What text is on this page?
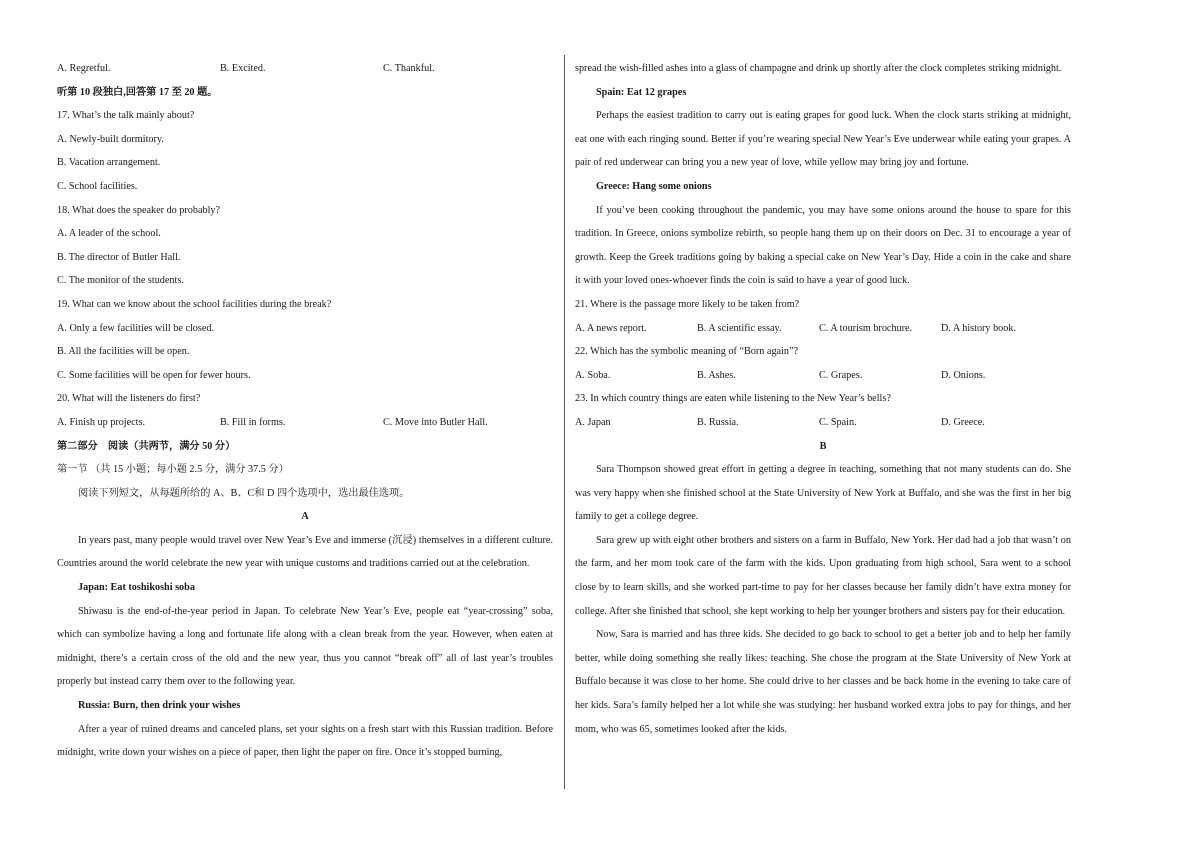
A. Regretful.	B. Excited.	C. Thankful.
听第 10 段独白,回答第 17 至 20 题。
17. What’s the talk mainly about?
A. Newly-built dormitory.
B. Vacation arrangement.
C. School facilities.
18. What does the speaker do probably?
A. A leader of the school.
B. The director of Butler Hall.
C. The monitor of the students.
19. What can we know about the school facilities during the break?
A. Only a few facilities will be closed.
B. All the facilities will be open.
C. Some facilities will be open for fewer hours.
20. What will the listeners do first?
A. Finish up projects.	B. Fill in forms.	C. Move into Butler Hall.
第二部分　阅读（共两节，满分 50 分）
第一节 （共 15 小题；每小题 2.5 分，满分 37.5 分）
阅读下列短文，从每题所给的 A、B、C和 D 四个选项中，选出最佳选项。
A

In years past, many people would travel over New Year’s Eve and immerse (沉浸) themselves in a different culture. Countries around the world celebrate the new year with unique customs and traditions carried out at the celebration.

Japan: Eat toshikoshi soba

Shiwasu is the end-of-the-year period in Japan. To celebrate New Year’s Eve, people eat “year-crossing” soba, which can symbolize having a long and fortunate life along with a clean break from the year. However, when eaten at midnight, there’s a certain cross of the old and the new year, thus you cannot “break off” all of last year’s troubles properly but instead carry them over to the following year.

Russia: Burn, then drink your wishes

After a year of ruined dreams and canceled plans, set your sights on a fresh start with this Russian tradition. Before midnight, write down your wishes on a piece of paper, then light the paper on fire. Once it’s stopped burning,

spread the wish-filled ashes into a glass of champagne and drink up shortly after the clock completes striking midnight.

Spain: Eat 12 grapes

Perhaps the easiest tradition to carry out is eating grapes for good luck. When the clock starts striking at midnight, eat one with each ringing sound. Better if you’re wearing special New Year’s Eve underwear while eating your grapes. A pair of red underwear can bring you a new year of love, while yellow may bring joy and fortune.

Greece: Hang some onions

If you’ve been cooking throughout the pandemic, you may have some onions around the house to spare for this tradition. In Greece, onions symbolize rebirth, so people hang them up on their doors on Dec. 31 to encourage a year of growth. Keep the Greek traditions going by baking a special cake on New Year’s Day. Hide a coin in the cake and share it with your loved ones-whoever finds the coin is said to have a year of good luck.

21. Where is the passage more likely to be taken from?
A. A news report.	B. A scientific essay.	C. A tourism brochure.	D. A history book.
22. Which has the symbolic meaning of “Born again”?
A. Soba.	B. Ashes.	C. Grapes.	D. Onions.
23. In which country things are eaten while listening to the New Year’s bells?
A. Japan	B. Russia.	C. Spain.	D. Greece.
B

Sara Thompson showed great effort in getting a degree in teaching, something that not many students can do. She was very happy when she finished school at the State University of New York at Buffalo, and she was the first in her big family to get a college degree.

Sara grew up with eight other brothers and sisters on a farm in Buffalo, New York. Her dad had a job that wasn’t on the farm, and her mom took care of the farm with the kids. Upon graduating from high school, Sara went to a school close by to learn skills, and she worked part-time to pay for her classes because her family didn’t have extra money for college. After she finished that school, she kept working to help her younger brothers and sisters pay for their education.

Now, Sara is married and has three kids. She decided to go back to school to get a better job and to help her family better, while doing something she really likes: teaching. She chose the program at the State University of New York at Buffalo because it was close to her home. She could drive to her classes and be back home in the evening to take care of her kids. Sara’s family helped her a lot while she was studying: her husband worked extra jobs to pay for things, and her mom, who was 65, sometimes looked after the kids.
